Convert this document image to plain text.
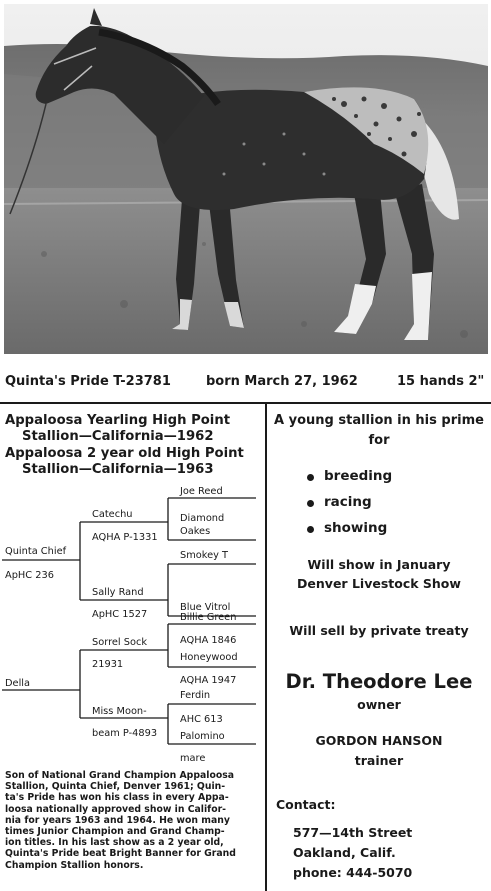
Quinta's Pride T-23781	born March 27, 1962	15 hands 2"
Appaloosa Yearling High Point
Stallion—California—1962
Appaloosa 2 year old High Point
Stallion—California—1963
Quinta Chief
ApHC 236
Della
Catechu
AQHA P-1331
Sally Rand
ApHC 1527
Sorrel Sock
21931
Miss Moon-
beam P-4893
Joe Reed
Diamond
Oakes
Smokey T
Blue Vitrol
Billie Green
AQHA 1846
Honeywood
AQHA 1947
Ferdin
AHC 613
Palomino
mare
Son of National Grand Champion Appaloosa
Stallion, Quinta Chief, Denver 1961; Quin-
ta's Pride has won his class in every Appa-
loosa nationally approved show in Califor-
nia for years 1963 and 1964. He won many
times Junior Champion and Grand Champ-
ion titles. In his last show as a 2 year old,
Quinta's Pride beat Bright Banner for Grand
Champion Stallion honors.
A young stallion in his prime
for
breeding
racing
showing
Will show in January
Denver Livestock Show
Will sell by private treaty
Dr. Theodore Lee
owner
GORDON HANSON
trainer
Contact:
577—14th Street
Oakland, Calif.
phone: 444-5070
